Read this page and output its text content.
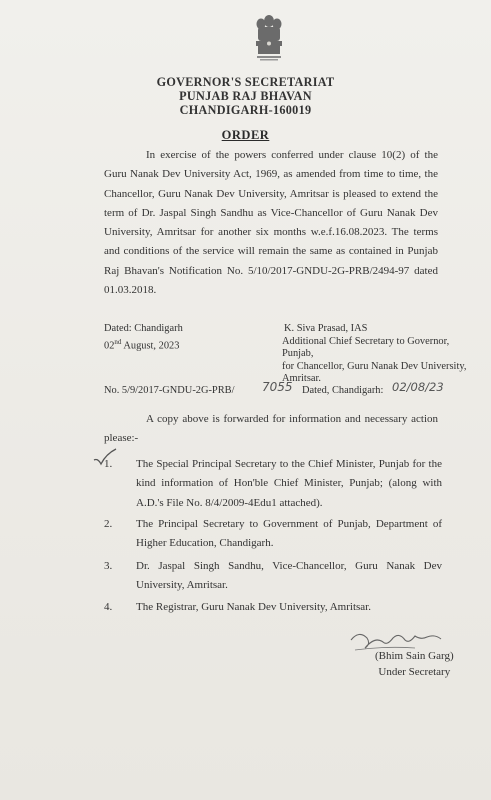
GOVERNOR'S SECRETARIAT
PUNJAB RAJ BHAVAN
CHANDIGARH-160019
ORDER
In exercise of the powers conferred under clause 10(2) of the Guru Nanak Dev University Act, 1969, as amended from time to time, the Chancellor, Guru Nanak Dev University, Amritsar is pleased to extend the term of Dr. Jaspal Singh Sandhu as Vice-Chancellor of Guru Nanak Dev University, Amritsar for another six months w.e.f.16.08.2023. The terms and conditions of the service will remain the same as contained in Punjab Raj Bhavan's Notification No. 5/10/2017-GNDU-2G-PRB/2494-97 dated 01.03.2018.
Dated: Chandigarh
02nd August, 2023
K. Siva Prasad, IAS
Additional Chief Secretary to Governor, Punjab,
for Chancellor, Guru Nanak Dev University,
Amritsar.
No. 5/9/2017-GNDU-2G-PRB/ 7055 Dated, Chandigarh: 02/08/23
A copy above is forwarded for information and necessary action please:-
1.	The Special Principal Secretary to the Chief Minister, Punjab for the kind information of Hon'ble Chief Minister, Punjab; (along with A.D.'s File No. 8/4/2009-4Edu1 attached).
2.	The Principal Secretary to Government of Punjab, Department of Higher Education, Chandigarh.
3.	Dr. Jaspal Singh Sandhu, Vice-Chancellor, Guru Nanak Dev University, Amritsar.
4.	The Registrar, Guru Nanak Dev University, Amritsar.
(Bhim Sain Garg)
Under Secretary
